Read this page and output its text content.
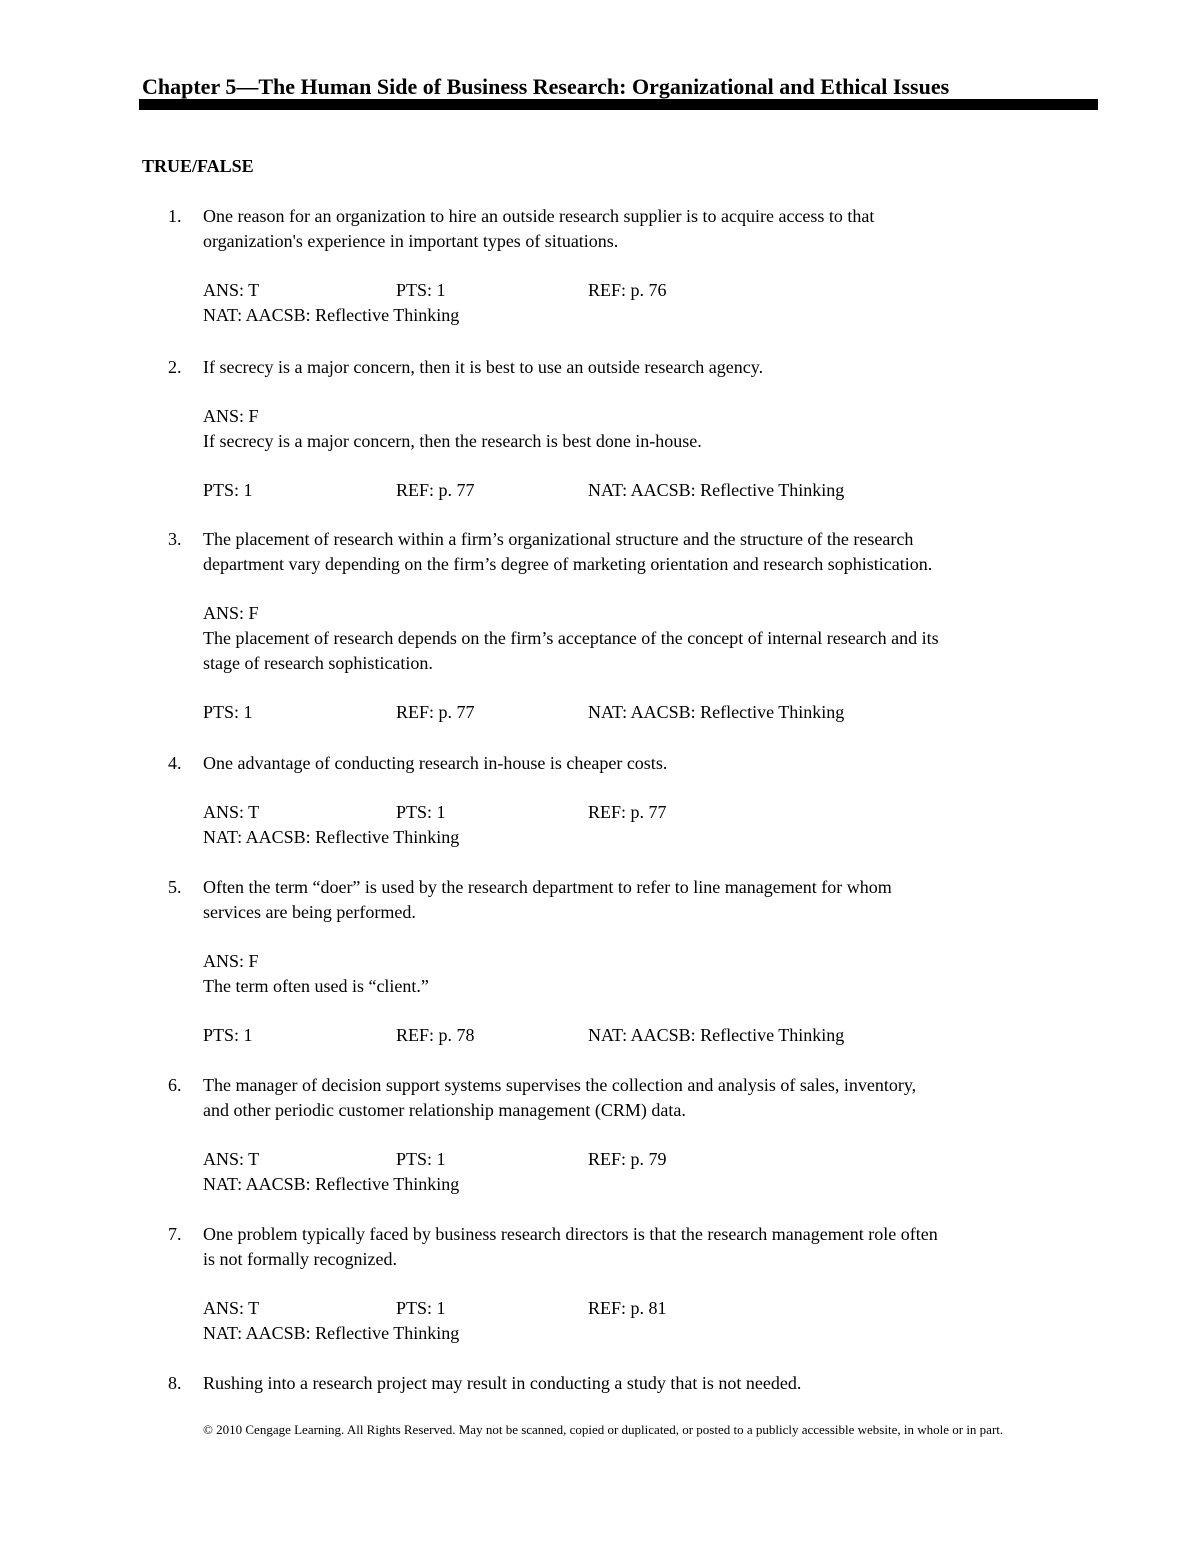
Chapter 5—The Human Side of Business Research: Organizational and Ethical Issues
TRUE/FALSE
1. One reason for an organization to hire an outside research supplier is to acquire access to that
organization's experience in important types of situations.
ANS: T	PTS: 1	REF: p. 76
NAT: AACSB: Reflective Thinking
2. If secrecy is a major concern, then it is best to use an outside research agency.
ANS: F
If secrecy is a major concern, then the research is best done in-house.
PTS: 1	REF: p. 77	NAT: AACSB: Reflective Thinking
3. The placement of research within a firm’s organizational structure and the structure of the research
department vary depending on the firm’s degree of marketing orientation and research sophistication.
ANS: F
The placement of research depends on the firm’s acceptance of the concept of internal research and its
stage of research sophistication.
PTS: 1	REF: p. 77	NAT: AACSB: Reflective Thinking
4. One advantage of conducting research in-house is cheaper costs.
ANS: T	PTS: 1	REF: p. 77
NAT: AACSB: Reflective Thinking
5. Often the term “doer” is used by the research department to refer to line management for whom
services are being performed.
ANS: F
The term often used is “client.”
PTS: 1	REF: p. 78	NAT: AACSB: Reflective Thinking
6. The manager of decision support systems supervises the collection and analysis of sales, inventory,
and other periodic customer relationship management (CRM) data.
ANS: T	PTS: 1	REF: p. 79
NAT: AACSB: Reflective Thinking
7. One problem typically faced by business research directors is that the research management role often
is not formally recognized.
ANS: T	PTS: 1	REF: p. 81
NAT: AACSB: Reflective Thinking
8. Rushing into a research project may result in conducting a study that is not needed.
© 2010 Cengage Learning. All Rights Reserved. May not be scanned, copied or duplicated, or posted to a publicly accessible website, in whole or in part.
